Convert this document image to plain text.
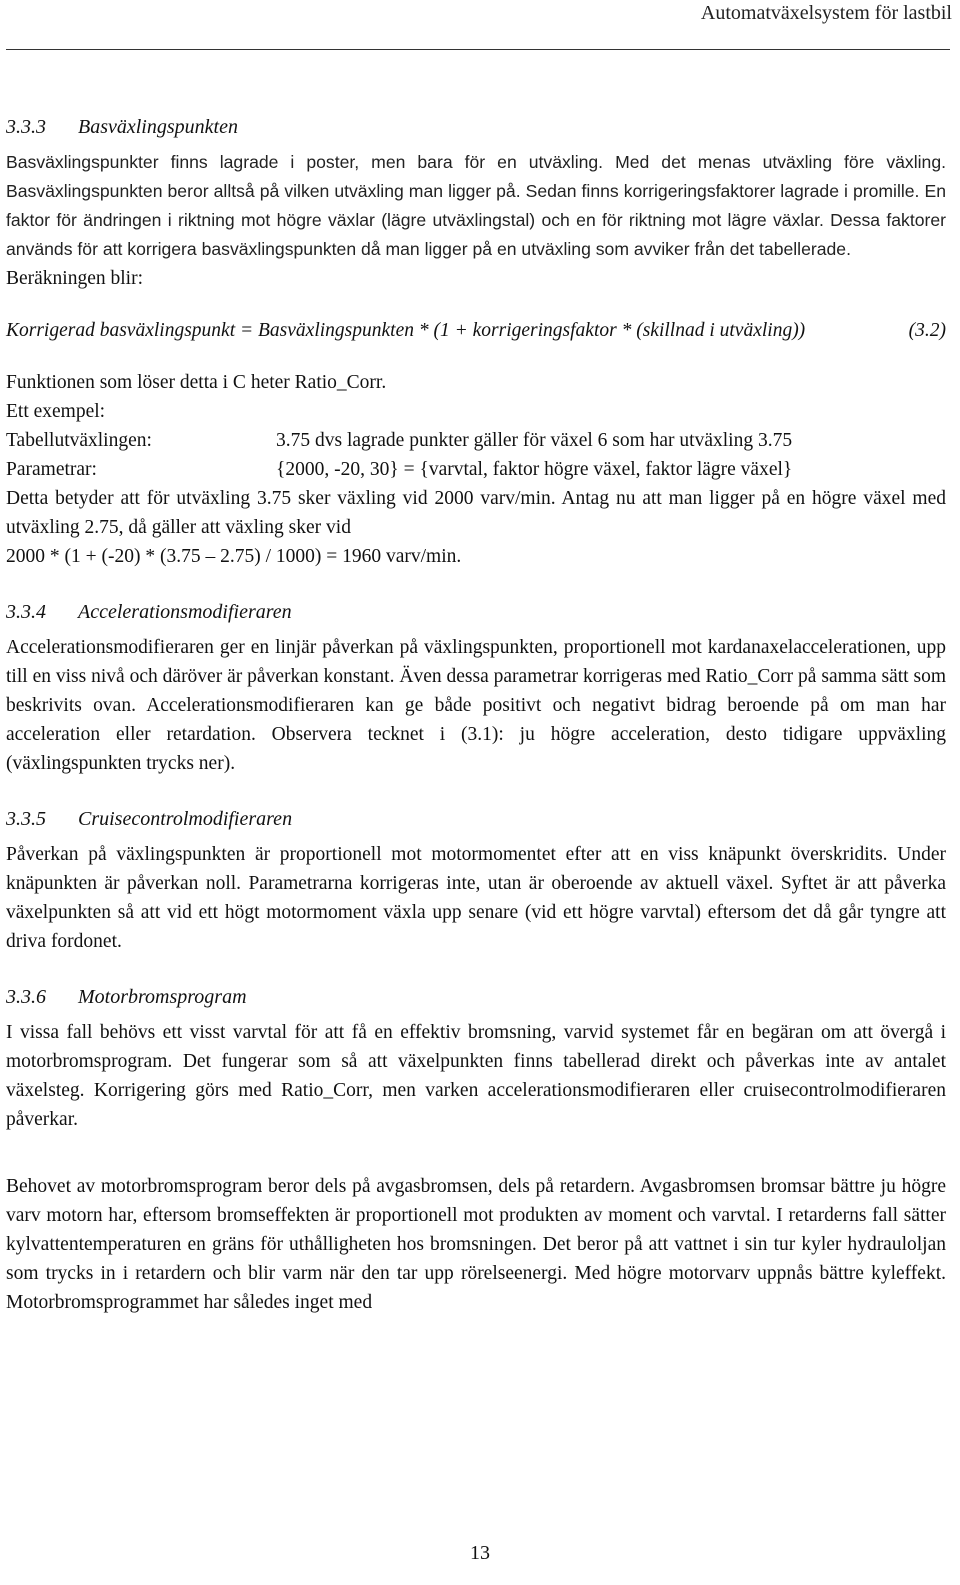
Automatväxelsystem för lastbil
3.3.3 Basväxlingspunkten

Basväxlingspunkter finns lagrade i poster, men bara för en utväxling. Med det menas utväxling före växling. Basväxlingspunkten beror alltså på vilken utväxling man ligger på. Sedan finns korrigeringsfaktorer lagrade i promille. En faktor för ändringen i riktning mot högre växlar (lägre utväxlingstal) och en för riktning mot lägre växlar. Dessa faktorer används för att korrigera basväxlingspunkten då man ligger på en utväxling som avviker från det tabellerade.

Beräkningen blir:

Korrigerad basväxlingspunkt = Basväxlingspunkten * (1 + korrigeringsfaktor * (skillnad i utväxling))	(3.2)

Funktionen som löser detta i C heter Ratio_Corr.
Ett exempel:
Tabellutväxlingen:	3.75 dvs lagrade punkter gäller för växel 6 som har utväxling 3.75
Parametrar:	{2000, -20, 30} = {varvtal, faktor högre växel, faktor lägre växel}

Detta betyder att för utväxling 3.75 sker växling vid 2000 varv/min. Antag nu att man ligger på en högre växel med utväxling 2.75, då gäller att växling sker vid

2000 * (1 + (-20) * (3.75 – 2.75) / 1000) = 1960 varv/min.
3.3.4 Accelerationsmodifieraren

Accelerationsmodifieraren ger en linjär påverkan på växlingspunkten, proportionell mot kardanaxelaccelerationen, upp till en viss nivå och däröver är påverkan konstant. Även dessa parametrar korrigeras med Ratio_Corr på samma sätt som beskrivits ovan. Accelerationsmodifieraren kan ge både positivt och negativt bidrag beroende på om man har acceleration eller retardation. Observera tecknet i (3.1): ju högre acceleration, desto tidigare uppväxling (växlingspunkten trycks ner).

3.3.5 Cruisecontrolmodifieraren

Påverkan på växlingspunkten är proportionell mot motormomentet efter att en viss knäpunkt överskridits. Under knäpunkten är påverkan noll. Parametrarna korrigeras inte, utan är oberoende av aktuell växel. Syftet är att påverka växelpunkten så att vid ett högt motormoment växla upp senare (vid ett högre varvtal) eftersom det då går tyngre att driva fordonet.

3.3.6 Motorbromsprogram

I vissa fall behövs ett visst varvtal för att få en effektiv bromsning, varvid systemet får en begäran om att övergå i motorbromsprogram. Det fungerar som så att växelpunkten finns tabellerad direkt och påverkas inte av antalet växelsteg. Korrigering görs med Ratio_Corr, men varken accelerationsmodifieraren eller cruisecontrolmodifieraren påverkar.

Behovet av motorbromsprogram beror dels på avgasbromsen, dels på retardern. Avgasbromsen bromsar bättre ju högre varv motorn har, eftersom bromseffekten är proportionell mot produkten av moment och varvtal. I retarderns fall sätter kylvattentemperaturen en gräns för uthålligheten hos bromsningen. Det beror på att vattnet i sin tur kyler hydrauloljan som trycks in i retardern och blir varm när den tar upp rörelseenergi. Med högre motorvarv uppnås bättre kyleffekt. Motorbromsprogrammet har således inget med

13
